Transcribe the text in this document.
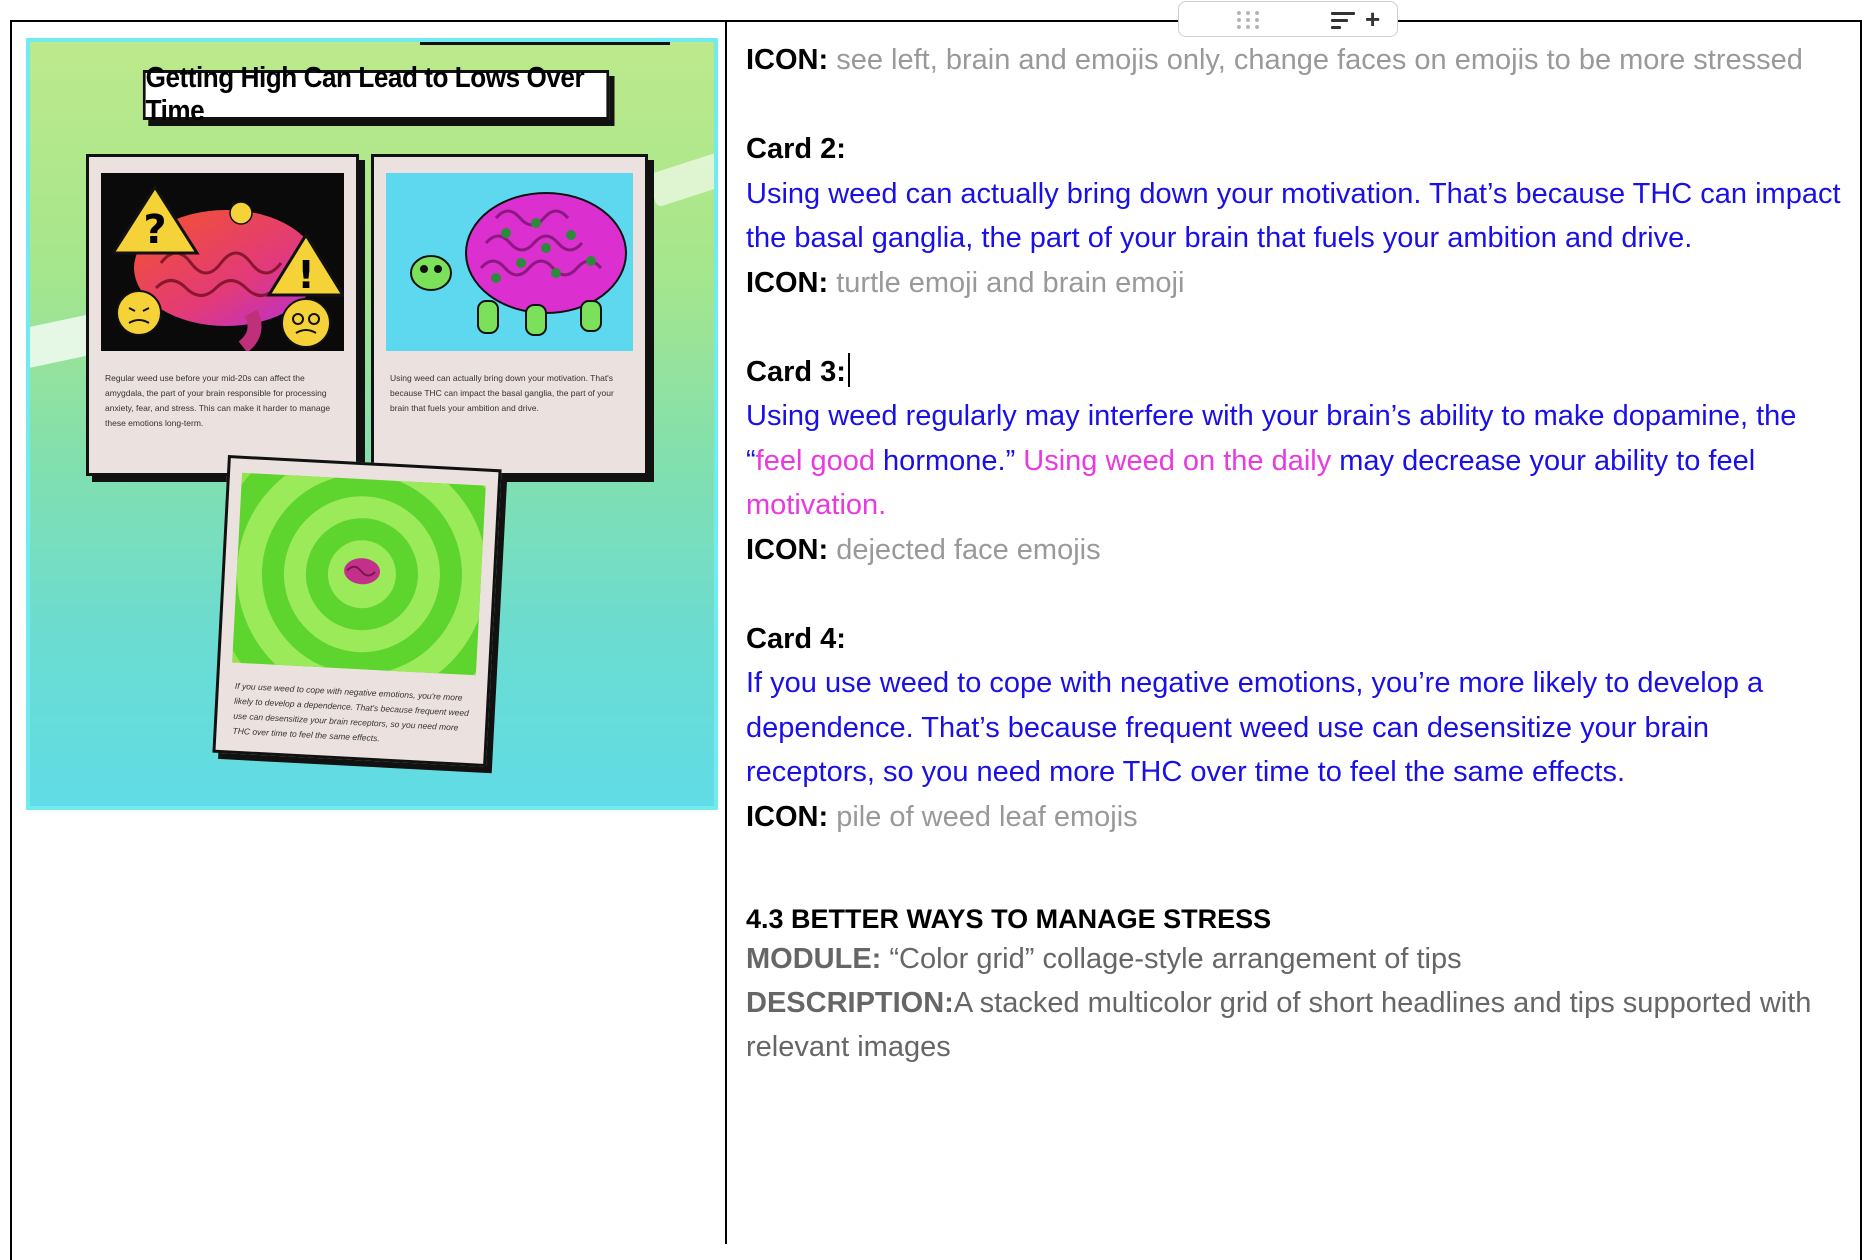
+
Getting High Can Lead to Lows Over Time
?
!
Regular weed use before your mid-20s can affect the amygdala, the part of your brain responsible for processing anxiety, fear, and stress. This can make it harder to manage these emotions long-term.
Using weed can actually bring down your motivation. That's because THC can impact the basal ganglia, the part of your brain that fuels your ambition and drive.
If you use weed to cope with negative emotions, you're more likely to develop a dependence. That's because frequent weed use can desensitize your brain receptors, so you need more THC over time to feel the same effects.

ICON: see left, brain and emojis only, change faces on emojis to be more stressed

Card 2:

Using weed can actually bring down your motivation. That’s because THC can impact the basal ganglia, the part of your brain that fuels your ambition and drive.

ICON: turtle emoji and brain emoji

Card 3:

Using weed regularly may interfere with your brain’s ability to make dopamine, the “feel good hormone.” Using weed on the daily may decrease your ability to feel motivation.

ICON: dejected face emojis

Card 4:

If you use weed to cope with negative emotions, you’re more likely to develop a dependence. That’s because frequent weed use can desensitize your brain receptors, so you need more THC over time to feel the same effects.

ICON: pile of weed leaf emojis

4.3 BETTER WAYS TO MANAGE STRESS

MODULE: “Color grid” collage-style arrangement of tips

DESCRIPTION:A stacked multicolor grid of short headlines and tips supported with relevant images
